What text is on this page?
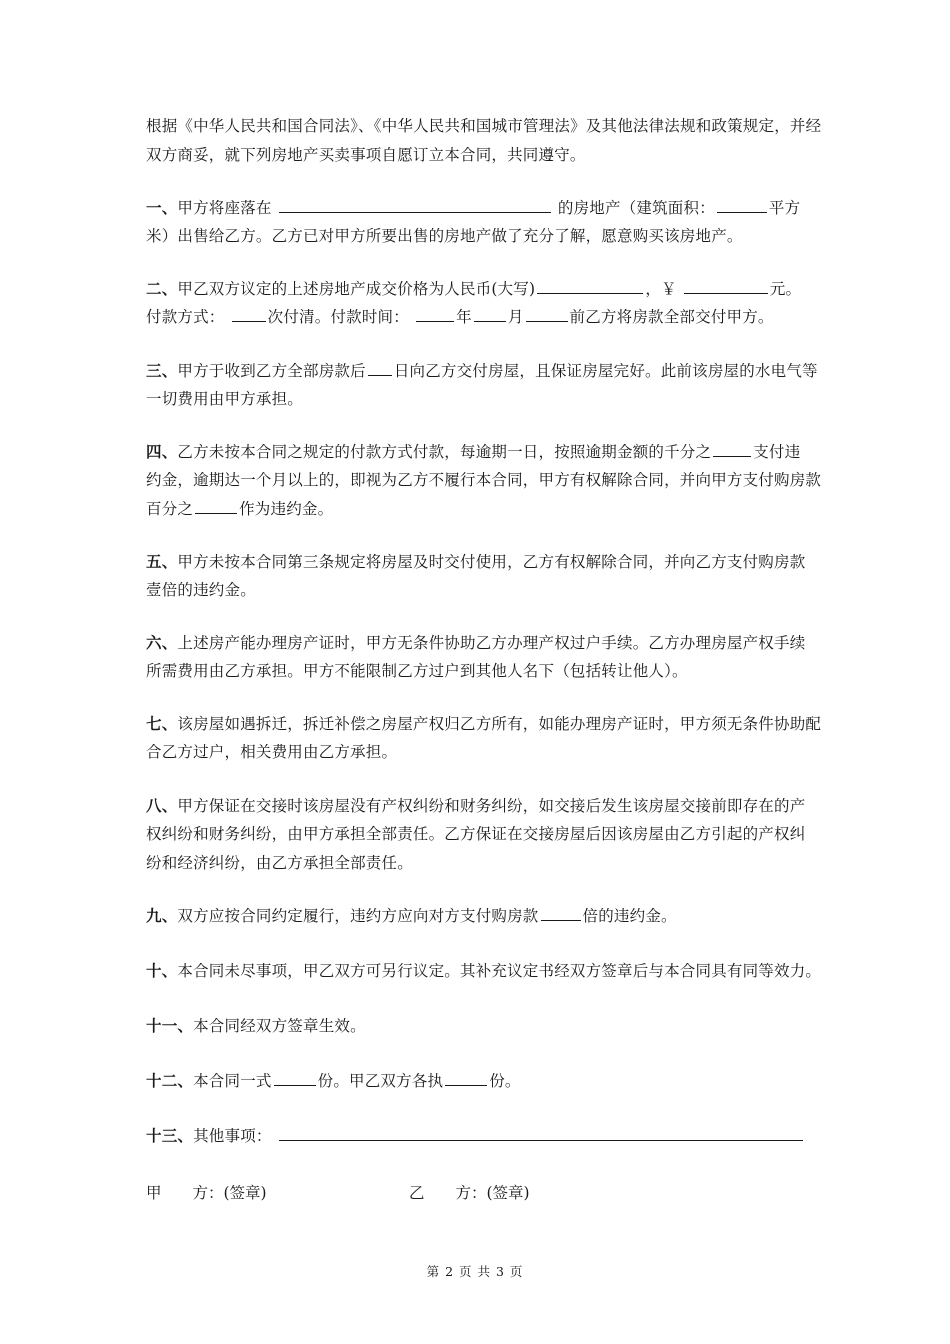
根据《中华人民共和国合同法》、《中华人民共和国城市管理法》及其他法律法规和政策规定，并经
双方商妥，就下列房地产买卖事项自愿订立本合同，共同遵守。
一、甲方将座落在	的房地产（建筑面积：	平方
米）出售给乙方。乙方已对甲方所要出售的房地产做了充分了解，愿意购买该房地产。
二、甲乙双方议定的上述房地产成交价格为人民币(大写)	，￥	元。
付款方式：	次付清。付款时间：	年 月	前乙方将房款全部交付甲方。
三、甲方于收到乙方全部房款后 日向乙方交付房屋，且保证房屋完好。此前该房屋的水电气等
一切费用由甲方承担。
四、乙方未按本合同之规定的付款方式付款，每逾期一日，按照逾期金额的千分之	支付违
约金，逾期达一个月以上的，即视为乙方不履行本合同，甲方有权解除合同，并向甲方支付购房款
百分之	作为违约金。
五、甲方未按本合同第三条规定将房屋及时交付使用，乙方有权解除合同，并向乙方支付购房款
壹倍的违约金。
六、上述房产能办理房产证时，甲方无条件协助乙方办理产权过户手续。乙方办理房屋产权手续
所需费用由乙方承担。甲方不能限制乙方过户到其他人名下（包括转让他人）。
七、该房屋如遇拆迁，拆迁补偿之房屋产权归乙方所有，如能办理房产证时，甲方须无条件协助配
合乙方过户，相关费用由乙方承担。
八、甲方保证在交接时该房屋没有产权纠纷和财务纠纷，如交接后发生该房屋交接前即存在的产
权纠纷和财务纠纷，由甲方承担全部责任。乙方保证在交接房屋后因该房屋由乙方引起的产权纠
纷和经济纠纷，由乙方承担全部责任。
九、双方应按合同约定履行，违约方应向对方支付购房款	倍的违约金。
十、本合同未尽事项，甲乙双方可另行议定。其补充议定书经双方签章后与本合同具有同等效力。
十一、本合同经双方签章生效。
十二、本合同一式	份。甲乙双方各执	份。
十三、其他事项：
甲　　方：(签章)	乙　　方：(签章)
第 2 页 共 3 页
